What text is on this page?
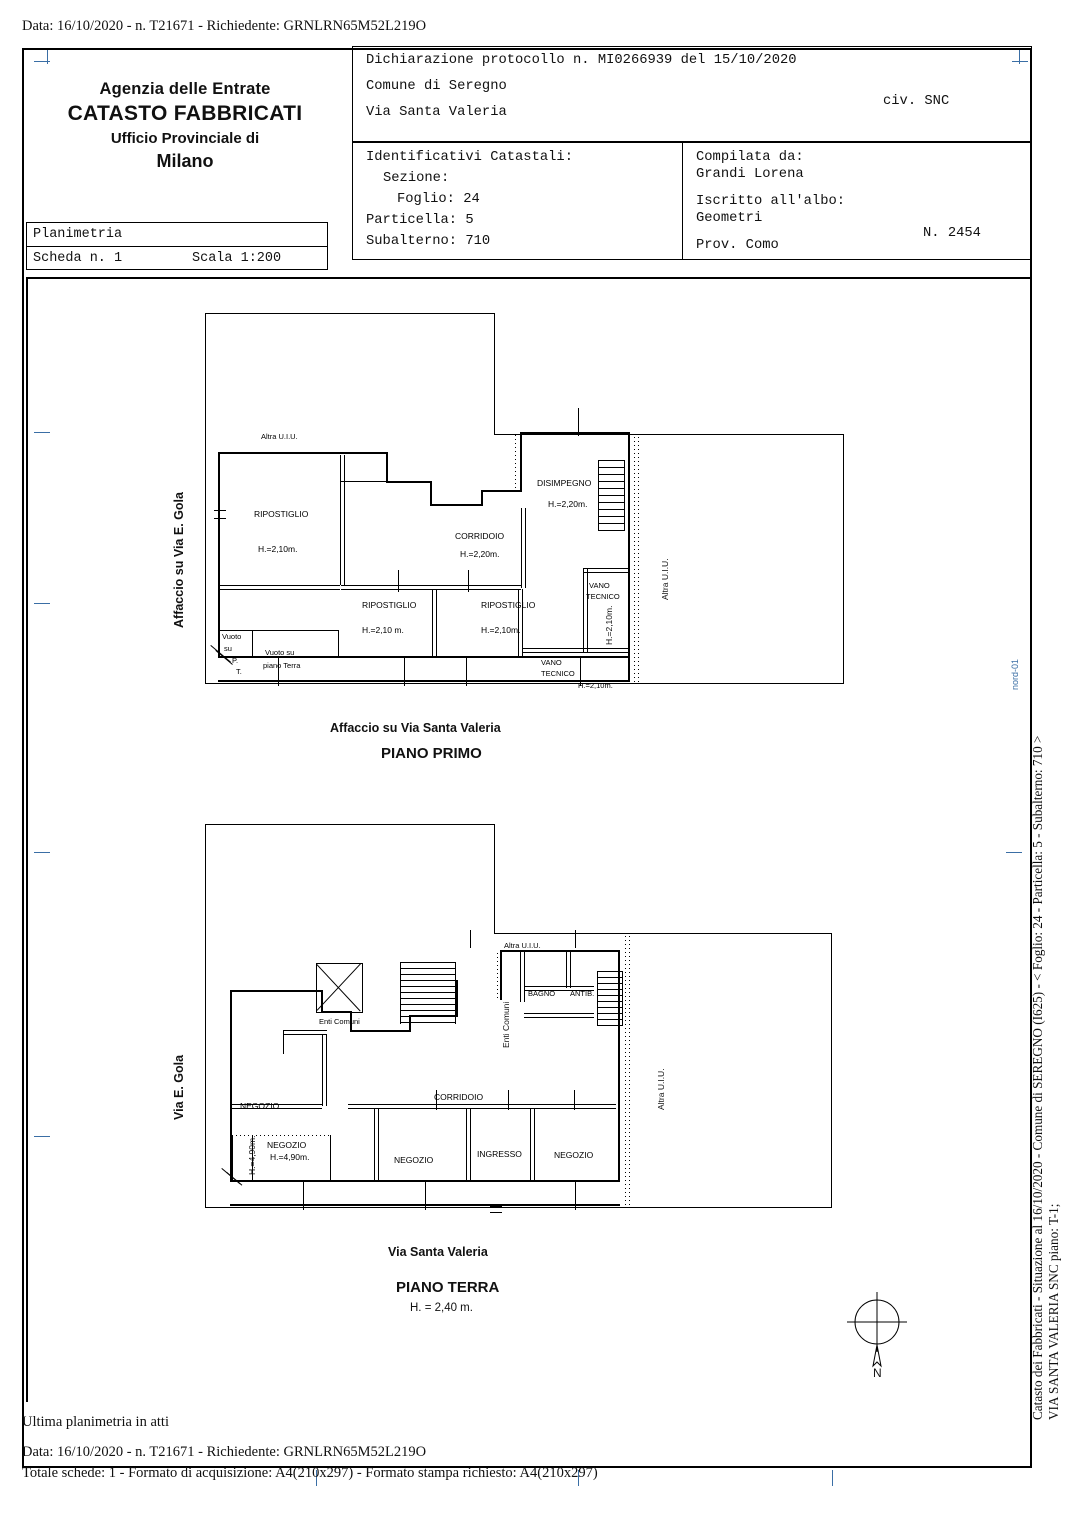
Data: 16/10/2020 - n. T21671 - Richiedente: GRNLRN65M52L219O
Agenzia delle Entrate
CATASTO FABBRICATI
Ufficio Provinciale di
Milano
Planimetria
Scheda n. 1	Scala 1:200
Dichiarazione protocollo n. MI0266939 del 15/10/2020
Comune di Seregno
Via Santa Valeria
civ. SNC
Identificativi Catastali:
Sezione:
Foglio: 24
Particella: 5
Subalterno: 710
Compilata da:
Grandi Lorena
Iscritto all'albo:
Geometri
Prov. Como
N. 2454
Altra U.I.U.
RIPOSTIGLIO
H.=2,10m.
CORRIDOIO
H.=2,20m.
DISIMPEGNO
H.=2,20m.
RIPOSTIGLIO
H.=2,10 m.
RIPOSTIGLIO
H.=2,10m.
VANO
TECNICO
VANO
TECNICO
H.=2,10m.
H.=2,10m.
Altra U.I.U.
Vuoto
su
P.
T.
Vuoto su
piano Terra
Affaccio su Via E. Gola
Affaccio su Via Santa Valeria
PIANO PRIMO
Altra U.I.U.
Enti Comuni	Enti Comuni
BAGNO ANTIB.
NEGOZIO
NEGOZIO
H.=4,90m.	NEGOZIO
INGRESSO	NEGOZIO
CORRIDOIO	Altra U.I.U.
H.=4,90m.
Via E. Gola
Via Santa Valeria
PIANO TERRA
H. = 2,40 m.
N	Catasto dei Fabbricati - Situazione al 16/10/2020 - Comune di SEREGNO (I625) - < Foglio: 24 - Particella: 5 - Subalterno: 710 > VIA SANTA VALERIA SNC piano: T-1;
nord-01
Ultima planimetria in atti
Data: 16/10/2020 - n. T21671 - Richiedente: GRNLRN65M52L219O
Totale schede: 1 - Formato di acquisizione: A4(210x297) - Formato stampa richiesto: A4(210x297)
